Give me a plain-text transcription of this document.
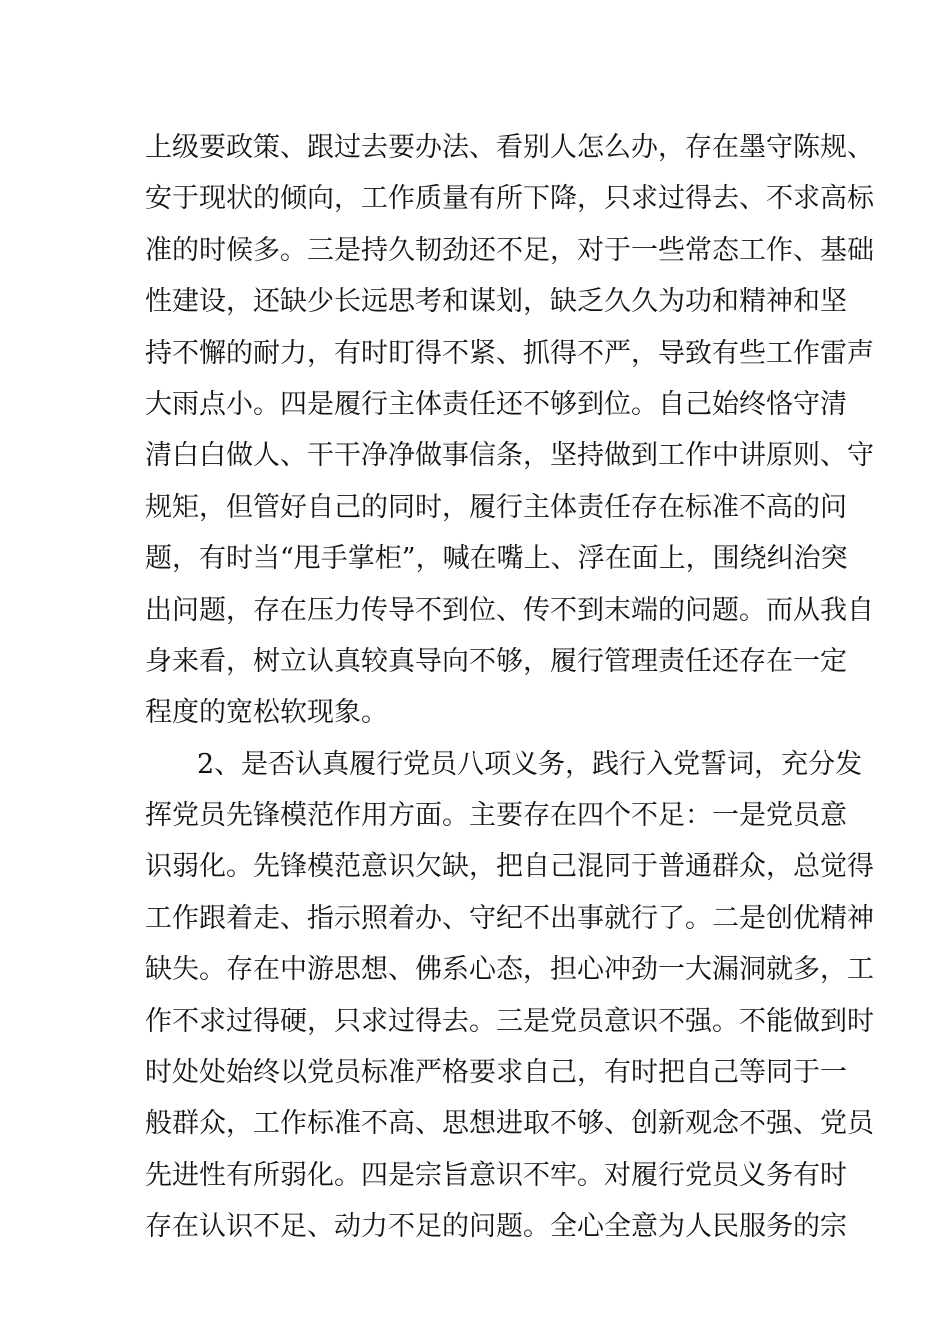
上级要政策、跟过去要办法、看别人怎么办，存在墨守陈规、
安于现状的倾向，工作质量有所下降，只求过得去、不求高标
准的时候多。三是持久韧劲还不足，对于一些常态工作、基础
性建设，还缺少长远思考和谋划，缺乏久久为功和精神和坚
持不懈的耐力，有时盯得不紧、抓得不严，导致有些工作雷声
大雨点小。四是履行主体责任还不够到位。自己始终恪守清
清白白做人、干干净净做事信条，坚持做到工作中讲原则、守
规矩，但管好自己的同时，履行主体责任存在标准不高的问
题，有时当“甩手掌柜”，喊在嘴上、浮在面上，围绕纠治突
出问题，存在压力传导不到位、传不到末端的问题。而从我自
身来看，树立认真较真导向不够，履行管理责任还存在一定
程度的宽松软现象。
2、是否认真履行党员八项义务，践行入党誓词，充分发
挥党员先锋模范作用方面。主要存在四个不足：一是党员意
识弱化。先锋模范意识欠缺，把自己混同于普通群众，总觉得
工作跟着走、指示照着办、守纪不出事就行了。二是创优精神
缺失。存在中游思想、佛系心态，担心冲劲一大漏洞就多，工
作不求过得硬，只求过得去。三是党员意识不强。不能做到时
时处处始终以党员标准严格要求自己，有时把自己等同于一
般群众，工作标准不高、思想进取不够、创新观念不强、党员
先进性有所弱化。四是宗旨意识不牢。对履行党员义务有时
存在认识不足、动力不足的问题。全心全意为人民服务的宗
